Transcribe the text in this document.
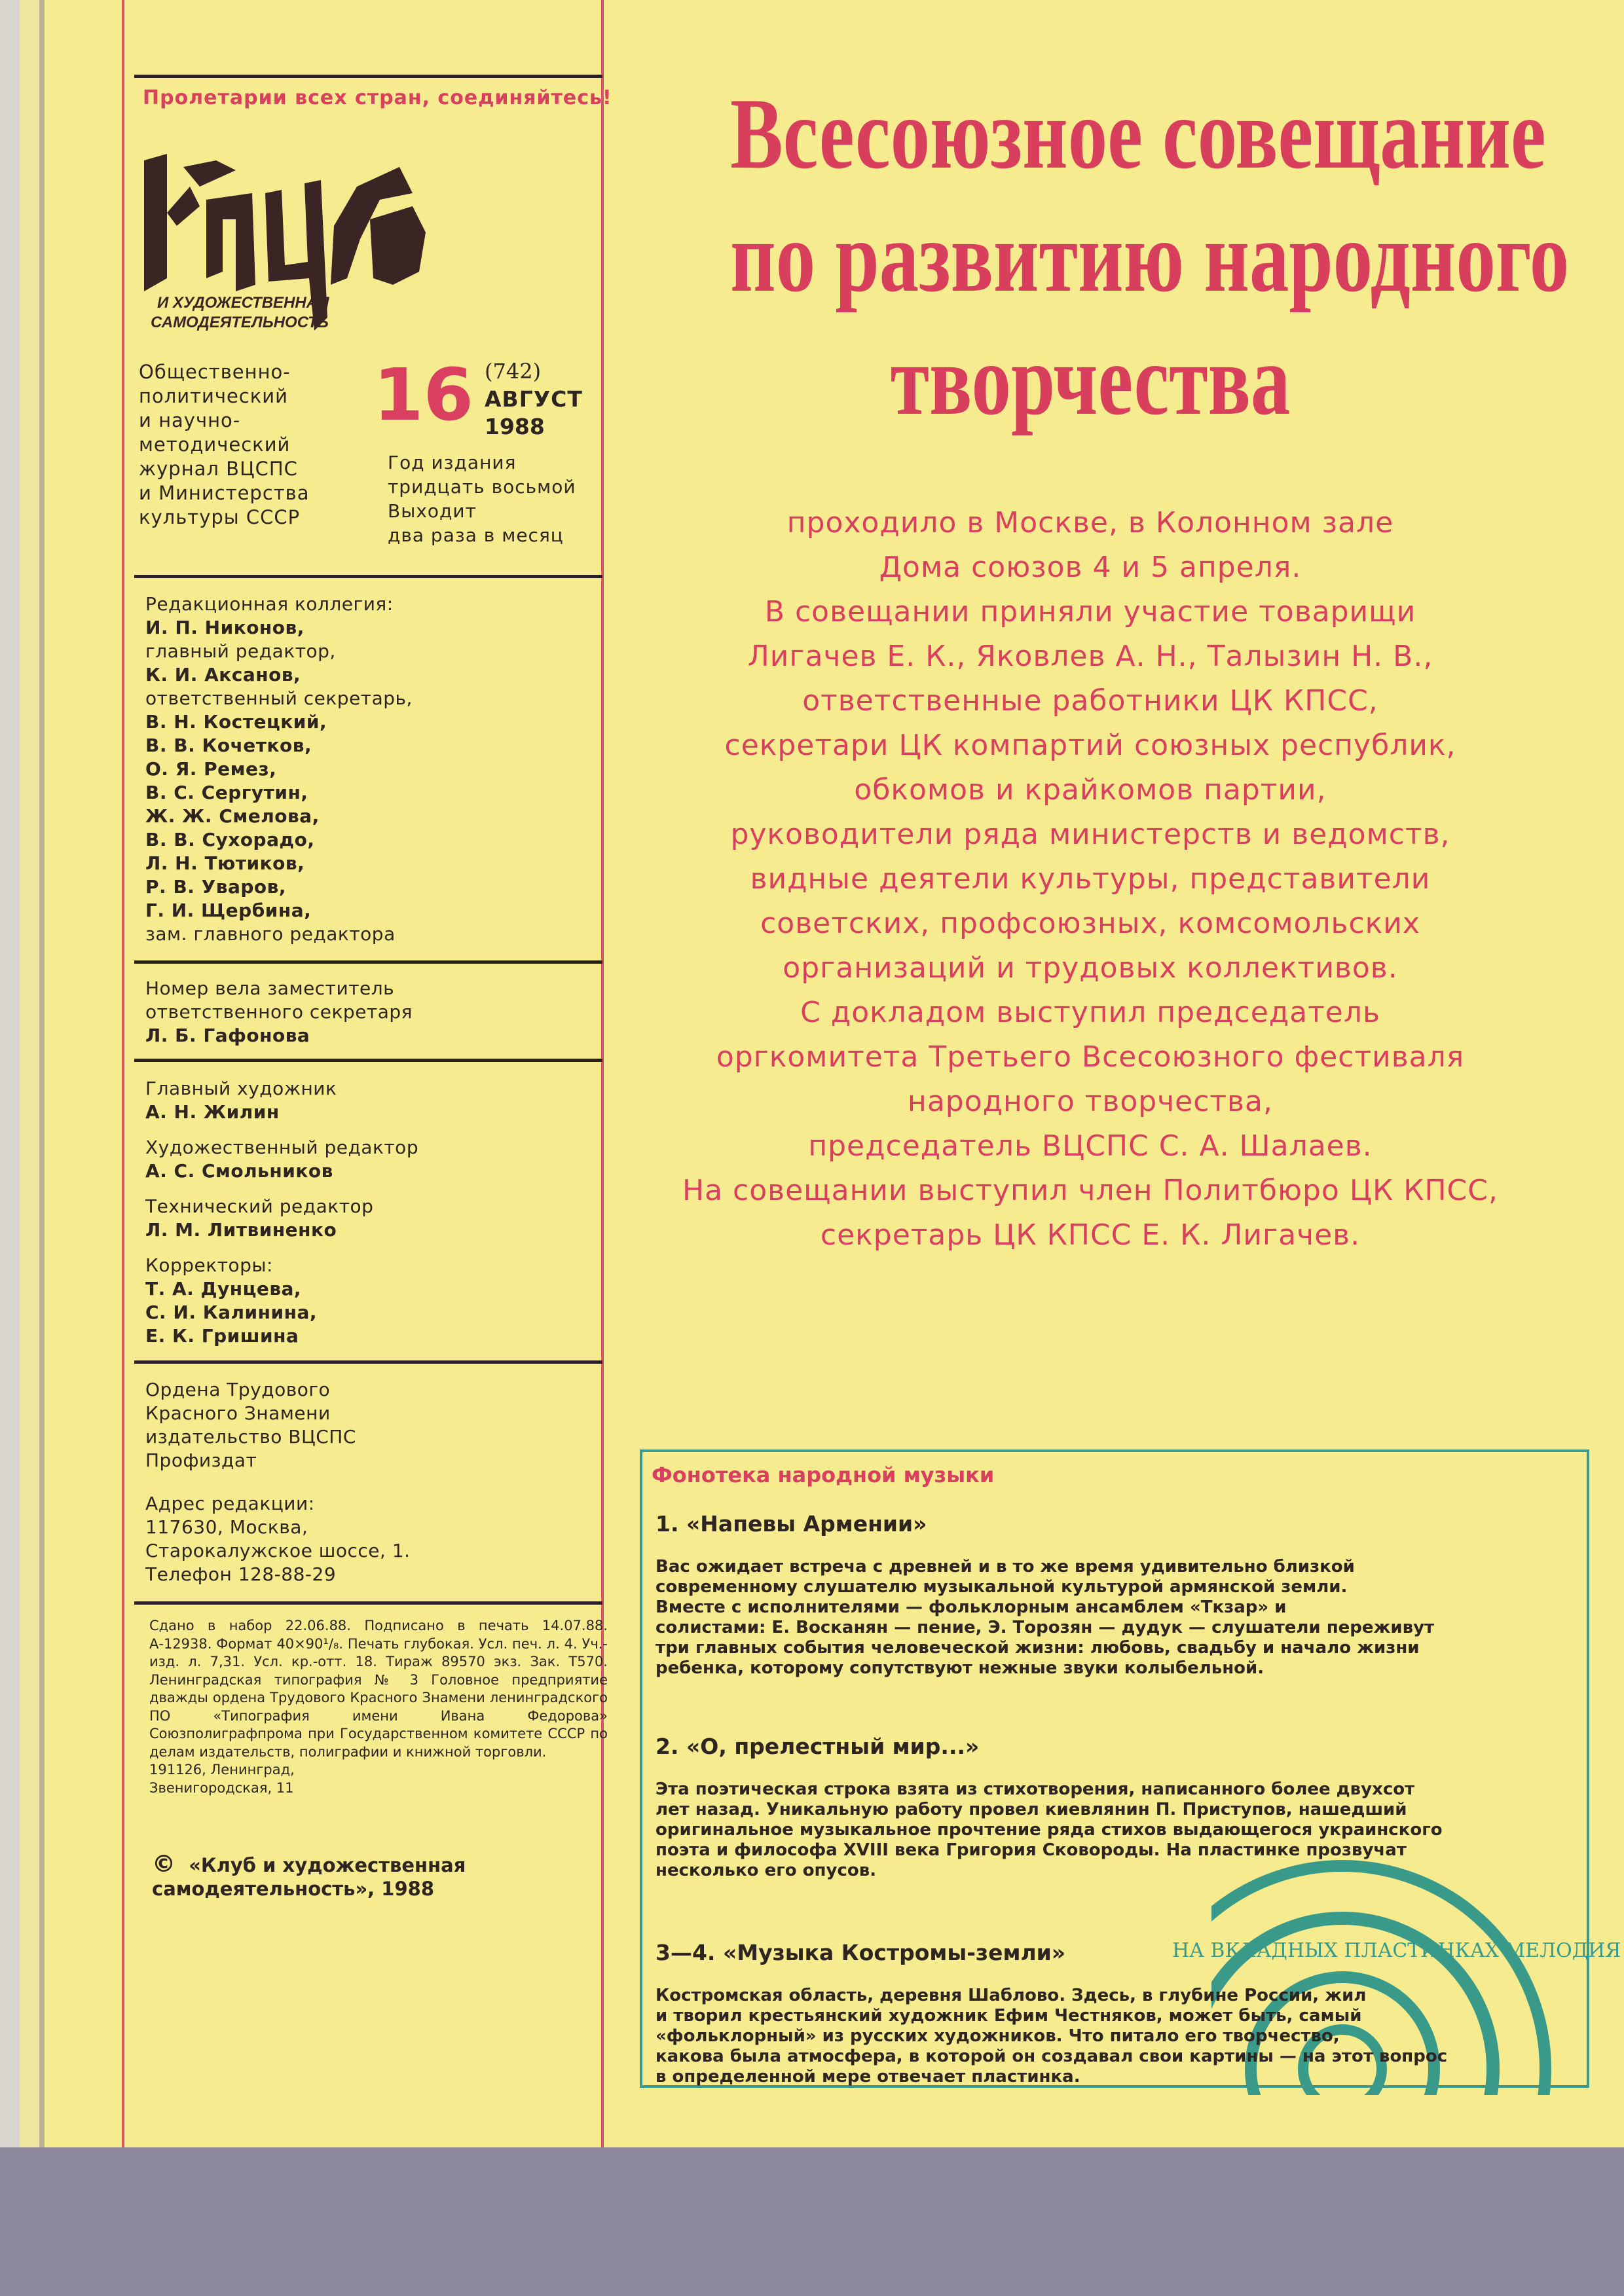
Пролетарии всех стран, соединяйтесь!
И ХУДОЖЕСТВЕННАЯ
САМОДЕЯТЕЛЬНОСТЬ
Общественно-
политический
и научно-
методический
журнал ВЦСПС
и Министерства
культуры СССР
16 (742)
АВГУСТ
1988
Год издания
тридцать восьмой
Выходит
два раза в месяц
Редакционная коллегия:
И. П. Никонов,
главный редактор,
К. И. Аксанов,
ответственный секретарь,
В. Н. Костецкий,
В. В. Кочетков,
О. Я. Ремез,
В. С. Сергутин,
Ж. Ж. Смелова,
В. В. Сухорадо,
Л. Н. Тютиков,
Р. В. Уваров,
Г. И. Щербина,
зам. главного редактора
Номер вела заместитель
ответственного секретаря
Л. Б. Гафонова
Главный художник
А. Н. Жилин
Художественный редактор
А. С. Смольников
Технический редактор
Л. М. Литвиненко
Корректоры:
Т. А. Дунцева,
С. И. Калинина,
Е. К. Гришина
Ордена Трудового
Красного Знамени
издательство ВЦСПС
Профиздат
Адрес редакции:
117630, Москва,
Старокалужское шоссе, 1.
Телефон 128-88-29
Сдано в набор 22.06.88. Подписано в печать 14.07.88. А-12938. Формат 40×90¹/₈. Печать глубокая. Усл. печ. л. 4. Уч.-изд. л. 7,31. Усл. кр.-отт. 18. Тираж 89570 экз. Зак. Т570. Ленинградская типография № 3 Головное предприятие дважды ордена Трудового Красного Знамени ленинградского ПО «Типография имени Ивана Федорова» Союзполиграфпрома при Государственном комитете СССР по делам издательств, полиграфии и книжной торговли.
191126, Ленинград,
Звенигородская, 11
© «Клуб и художественная
самодеятельность», 1988
Всесоюзное совещание
по развитию народного
творчества
проходило в Москве, в Колонном зале
Дома союзов 4 и 5 апреля.
В совещании приняли участие товарищи
Лигачев Е. К., Яковлев А. Н., Талызин Н. В.,
ответственные работники ЦК КПСС,
секретари ЦК компартий союзных республик,
обкомов и крайкомов партии,
руководители ряда министерств и ведомств,
видные деятели культуры, представители
советских, профсоюзных, комсомольских
организаций и трудовых коллективов.
С докладом выступил председатель
оргкомитета Третьего Всесоюзного фестиваля
народного творчества,
председатель ВЦСПС С. А. Шалаев.
На совещании выступил член Политбюро ЦК КПСС,
секретарь ЦК КПСС Е. К. Лигачев.
Фонотека народной музыки
1. «Напевы Армении»
Вас ожидает встреча с древней и в то же время удивительно близкой
современному слушателю музыкальной культурой армянской земли.
Вместе с исполнителями — фольклорным ансамблем «Ткзар» и
солистами: Е. Восканян — пение, Э. Торозян — дудук — слушатели переживут
три главных события человеческой жизни: любовь, свадьбу и начало жизни
ребенка, которому сопутствуют нежные звуки колыбельной.
2. «О, прелестный мир...»
Эта поэтическая строка взята из стихотворения, написанного более двухсот
лет назад. Уникальную работу провел киевлянин П. Приступов, нашедший
оригинальное музыкальное прочтение ряда стихов выдающегося украинского
поэта и философа XVIII века Григория Сковороды. На пластинке прозвучат
несколько его опусов.
3—4. «Музыка Костромы-земли»
Костромская область, деревня Шаблово. Здесь, в глубине России, жил
и творил крестьянский художник Ефим Честняков, может быть, самый
«фольклорный» из русских художников. Что питало его творчество,
какова была атмосфера, в которой он создавал свои картины — на этот вопрос
в определенной мере отвечает пластинка.
НА ВКЛАДНЫХ ПЛАСТИНКАХ МЕЛОДИЯ
